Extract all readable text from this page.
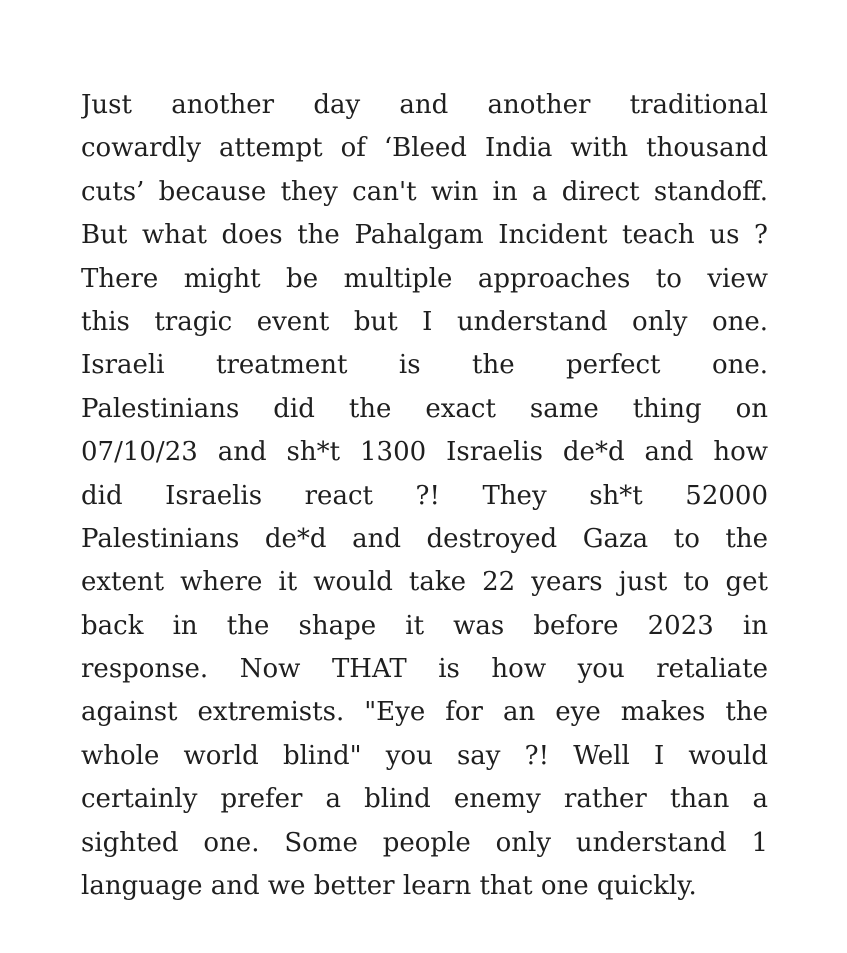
Just another day and another traditional
cowardly attempt of ‘Bleed India with thousand
cuts’ because they can't win in a direct standoff.
But what does the Pahalgam Incident teach us ?
There might be multiple approaches to view
this tragic event but I understand only one.
Israeli treatment is the perfect one.
Palestinians did the exact same thing on
07/10/23 and sh*t 1300 Israelis de*d and how
did Israelis react ?! They sh*t 52000
Palestinians de*d and destroyed Gaza to the
extent where it would take 22 years just to get
back in the shape it was before 2023 in
response. Now THAT is how you retaliate
against extremists. "Eye for an eye makes the
whole world blind" you say ?! Well I would
certainly prefer a blind enemy rather than a
sighted one. Some people only understand 1
language and we better learn that one quickly.
